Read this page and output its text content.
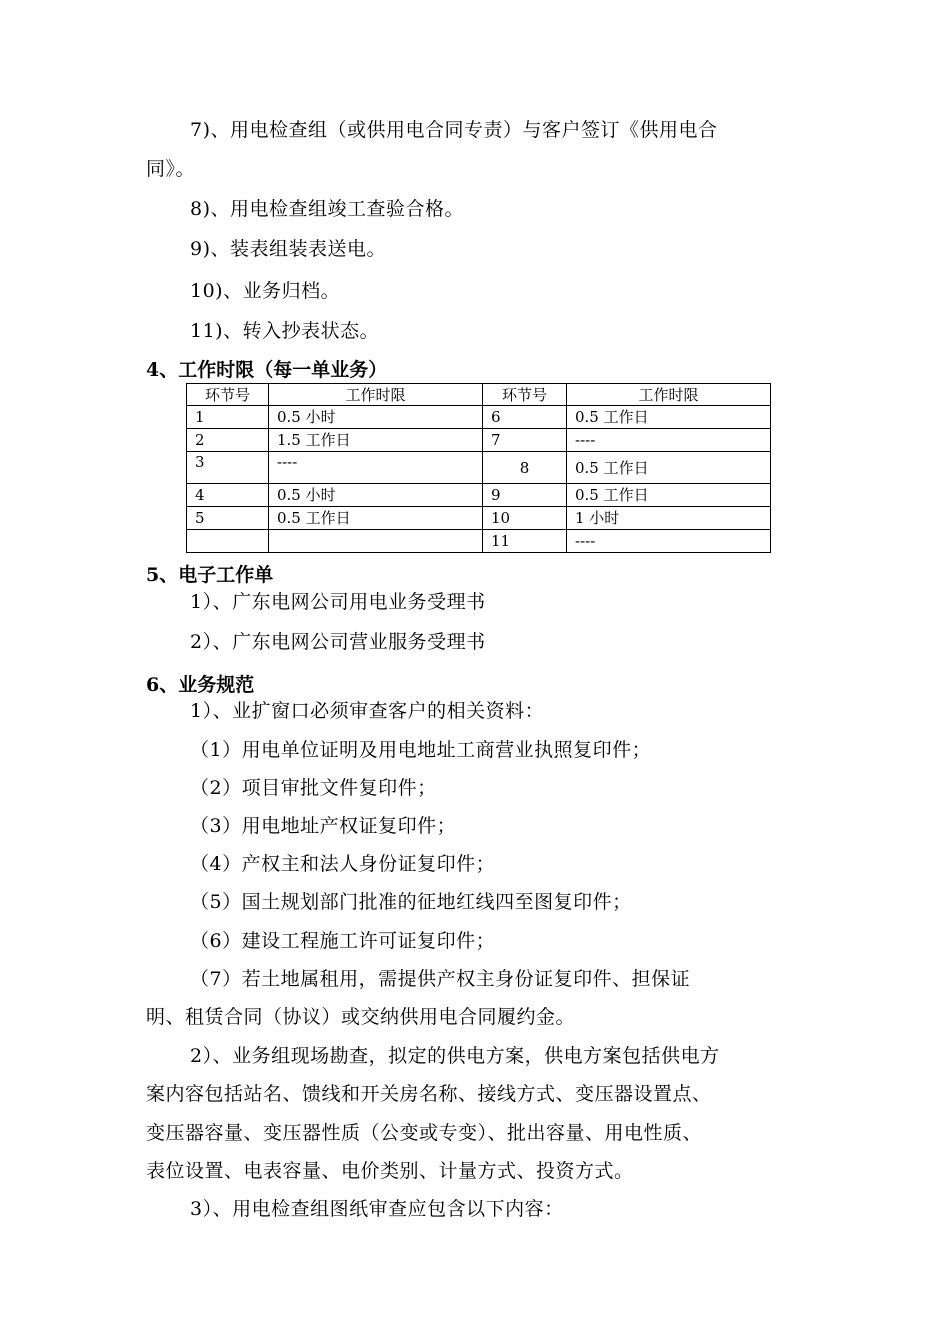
7)、用电检查组（或供用电合同专责）与客户签订《供用电合
同》。
8)、用电检查组竣工查验合格。
9)、装表组装表送电。
10)、业务归档。
11)、转入抄表状态。
4、工作时限（每一单业务）
环节号	工作时限	环节号	工作时限
1	0.5 小时	6	0.5 工作日
2	1.5 工作日	7	----
3	----	8	0.5 工作日
4	0.5 小时	9	0.5 工作日
5	0.5 工作日	10	1 小时
		11	----
5、电子工作单
1）、广东电网公司用电业务受理书
2）、广东电网公司营业服务受理书
6、业务规范
1）、业扩窗口必须审查客户的相关资料：
（1）用电单位证明及用电地址工商营业执照复印件；
（2）项目审批文件复印件；
（3）用电地址产权证复印件；
（4）产权主和法人身份证复印件；
（5）国土规划部门批准的征地红线四至图复印件；
（6）建设工程施工许可证复印件；
（7）若土地属租用，需提供产权主身份证复印件、担保证
明、租赁合同（协议）或交纳供用电合同履约金。
2）、业务组现场勘查，拟定的供电方案，供电方案包括供电方
案内容包括站名、馈线和开关房名称、接线方式、变压器设置点、
变压器容量、变压器性质（公变或专变）、批出容量、用电性质、
表位设置、电表容量、电价类别、计量方式、投资方式。
3）、用电检查组图纸审查应包含以下内容：
